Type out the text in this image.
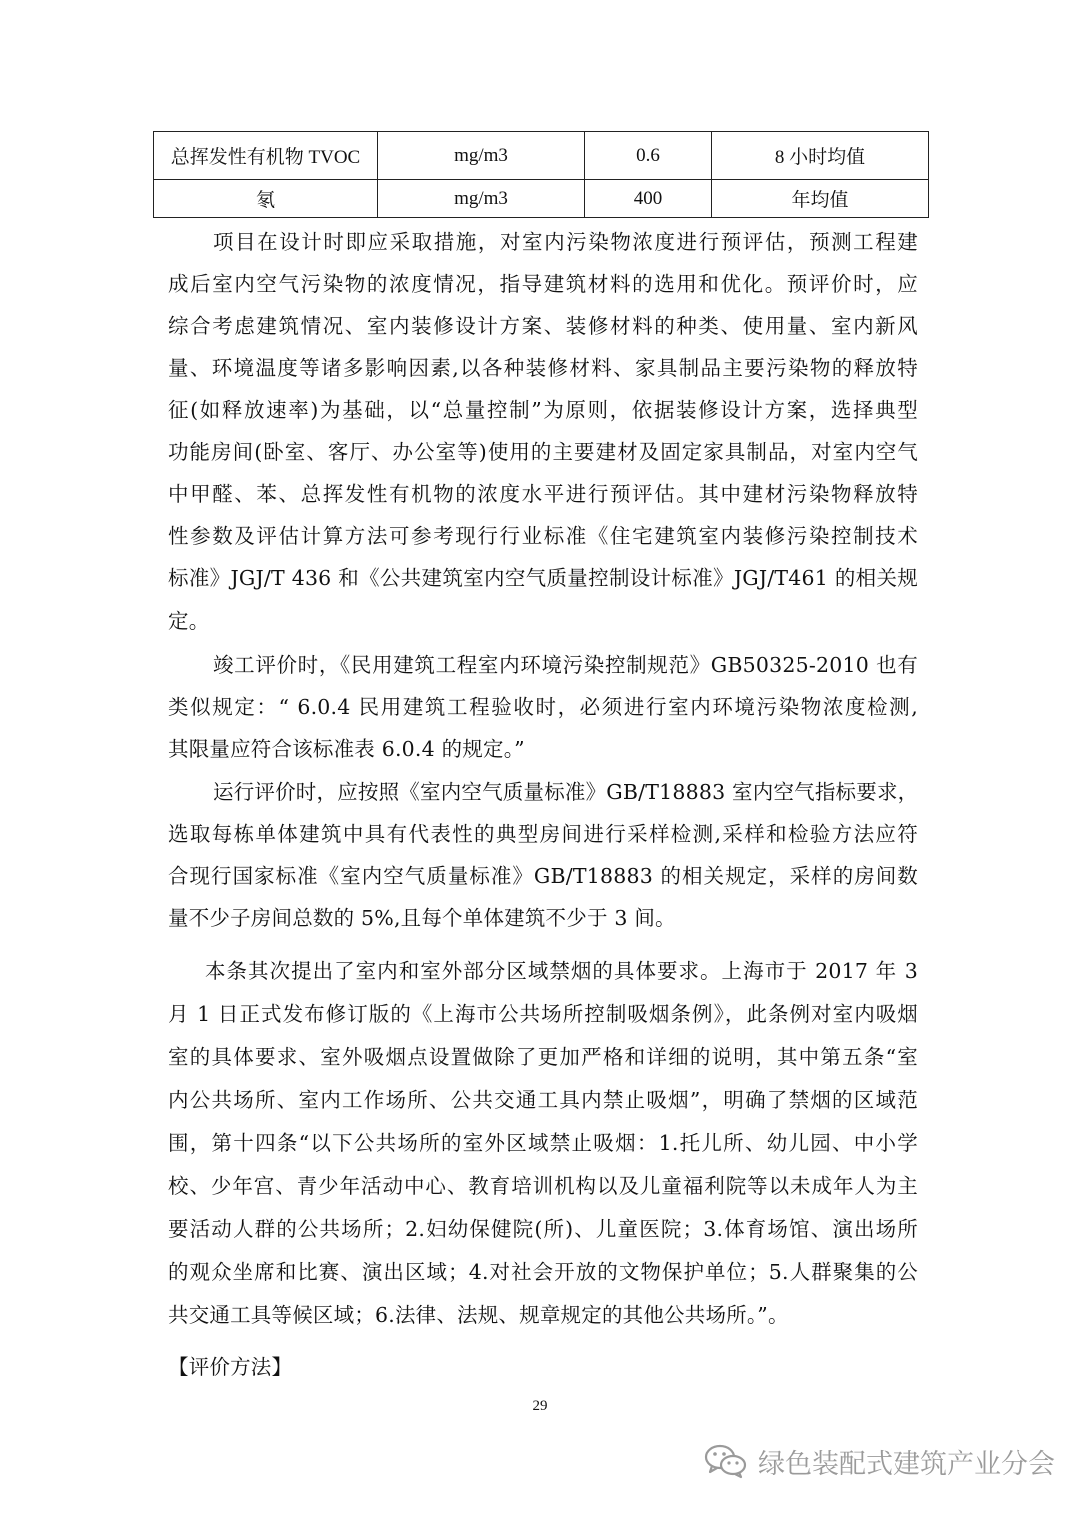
总挥发性有机物 TVOC	mg/m3	0.6	8 小时均值
氡	mg/m3	400	年均值
项目在设计时即应采取措施，对室内污染物浓度进行预评估，预测工程建
成后室内空气污染物的浓度情况，指导建筑材料的选用和优化。预评价时，应
综合考虑建筑情况、室内装修设计方案、装修材料的种类、使用量、室内新风
量、环境温度等诸多影响因素,以各种装修材料、家具制品主要污染物的释放特
征(如释放速率)为基础，以“总量控制”为原则，依据装修设计方案，选择典型
功能房间(卧室、客厅、办公室等)使用的主要建材及固定家具制品，对室内空气
中甲醛、苯、总挥发性有机物的浓度水平进行预评估。其中建材污染物释放特
性参数及评估计算方法可参考现行行业标准《住宅建筑室内装修污染控制技术
标准》JGJ/T 436 和《公共建筑室内空气质量控制设计标准》JGJ/T461 的相关规
定。
竣工评价时，《民用建筑工程室内环境污染控制规范》GB50325-2010 也有
类似规定：“ 6.0.4 民用建筑工程验收时，必须进行室内环境污染物浓度检测,
其限量应符合该标准表 6.0.4 的规定。”
运行评价时，应按照《室内空气质量标准》GB/T18883 室内空气指标要求，
选取每栋单体建筑中具有代表性的典型房间进行采样检测,采样和检验方法应符
合现行国家标准《室内空气质量标准》GB/T18883 的相关规定，采样的房间数
量不少子房间总数的 5%,且每个单体建筑不少于 3 间。
本条其次提出了室内和室外部分区域禁烟的具体要求。上海市于 2017 年 3
月 1 日正式发布修订版的《上海市公共场所控制吸烟条例》，此条例对室内吸烟
室的具体要求、室外吸烟点设置做除了更加严格和详细的说明，其中第五条“室
内公共场所、室内工作场所、公共交通工具内禁止吸烟”，明确了禁烟的区域范
围，第十四条“以下公共场所的室外区域禁止吸烟：1.托儿所、幼儿园、中小学
校、少年宫、青少年活动中心、教育培训机构以及儿童福利院等以未成年人为主
要活动人群的公共场所；2.妇幼保健院(所)、儿童医院；3.体育场馆、演出场所
的观众坐席和比赛、演出区域；4.对社会开放的文物保护单位；5.人群聚集的公
共交通工具等候区域；6.法律、法规、规章规定的其他公共场所。”。
【评价方法】
29
绿色装配式建筑产业分会
